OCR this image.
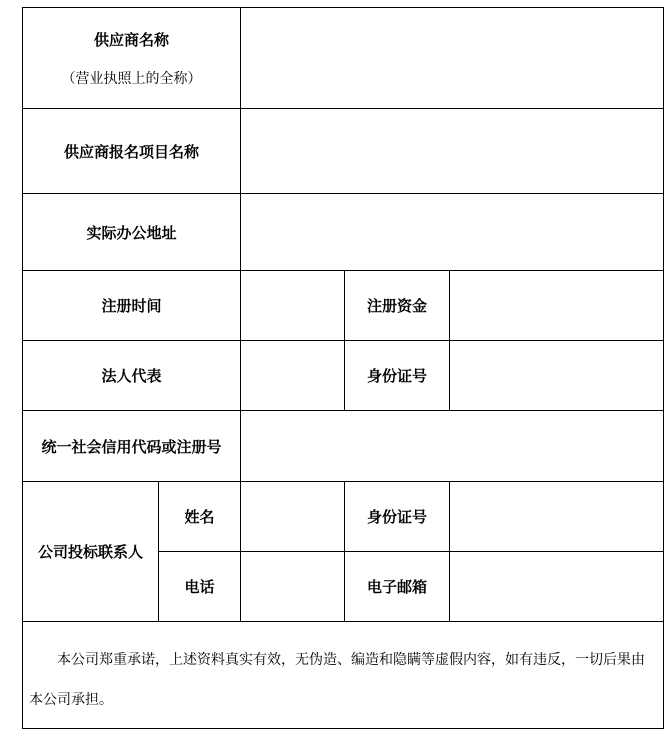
供应商名称
（营业执照上的全称）				

供应商报名项目名称				
实际办公地址				
注册时间			注册资金	
法人代表			身份证号	
统一社会信用代码或注册号				
公司投标联系人	姓名		身份证号	
	电话		电子邮箱	

本公司郑重承诺，上述资料真实有效，无伪造、编造和隐瞒等虚假内容，如有违反，一切后果由本公司承担。				
